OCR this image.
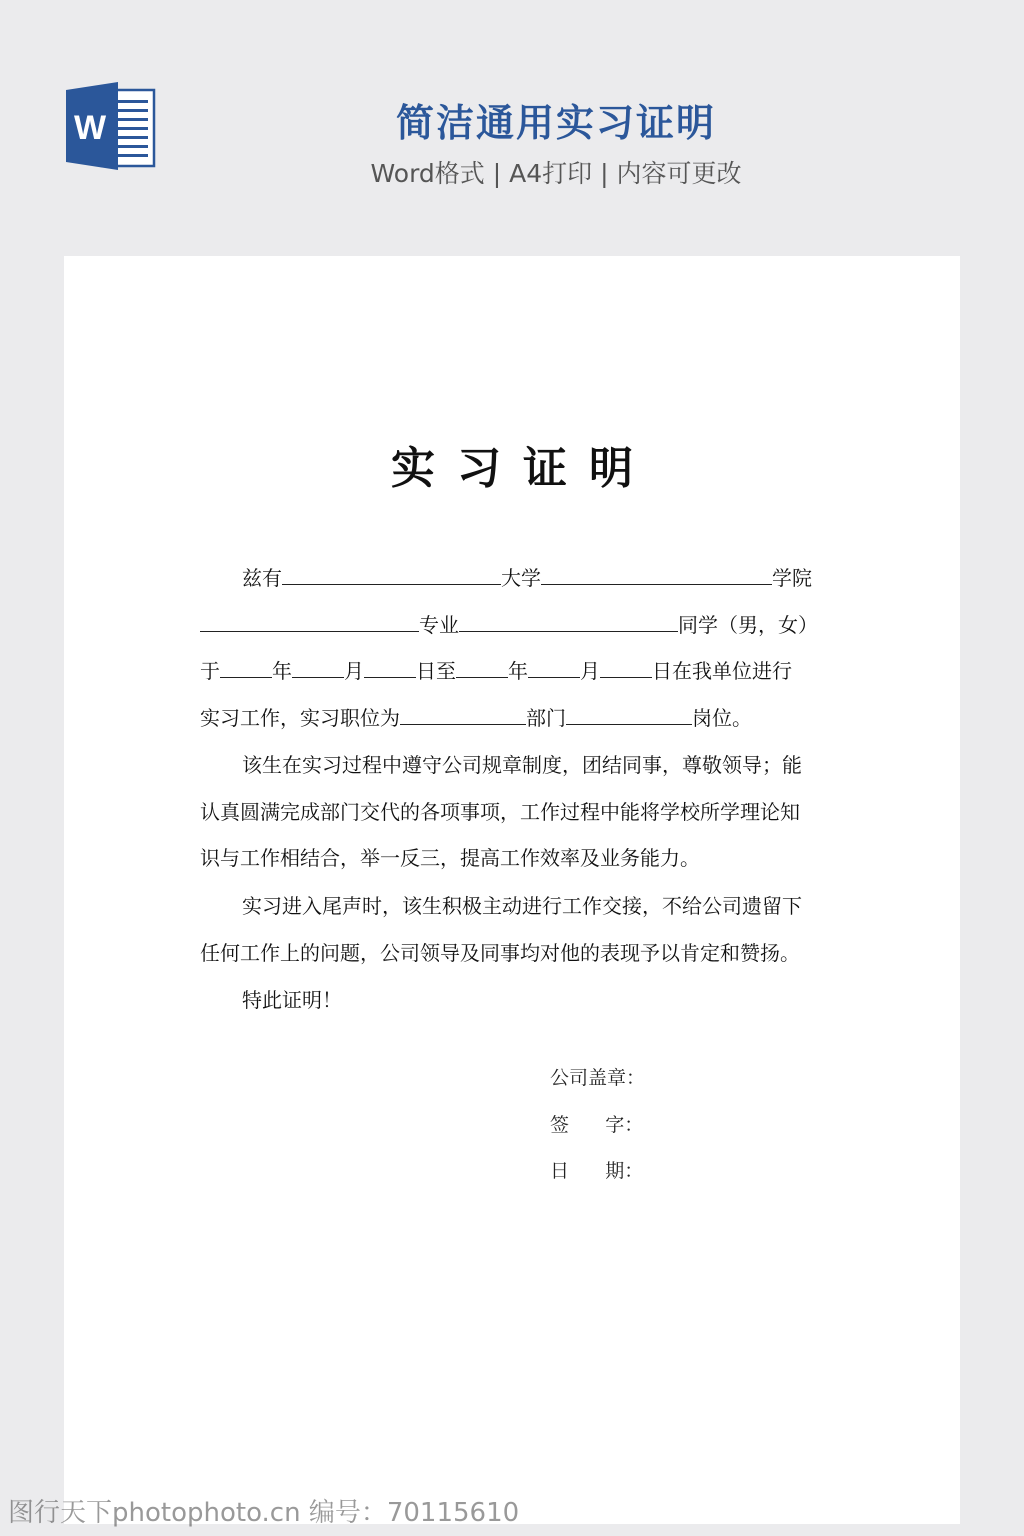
W	简洁通用实习证明
Word格式 | A4打印 | 内容可更改
实习证明
兹有	大学	学院
专业	同学（男，女）
于	年	月	日至	年	月	日在我单位进行
实习工作，实习职位为	部门	岗位。
该生在实习过程中遵守公司规章制度，团结同事，尊敬领导；能
认真圆满完成部门交代的各项事项，工作过程中能将学校所学理论知
识与工作相结合，举一反三，提高工作效率及业务能力。
实习进入尾声时，该生积极主动进行工作交接，不给公司遗留下
任何工作上的问题，公司领导及同事均对他的表现予以肯定和赞扬。
特此证明！
公司盖章：
签      字：
日      期：
图行天下photophoto.cn 编号：70115610
